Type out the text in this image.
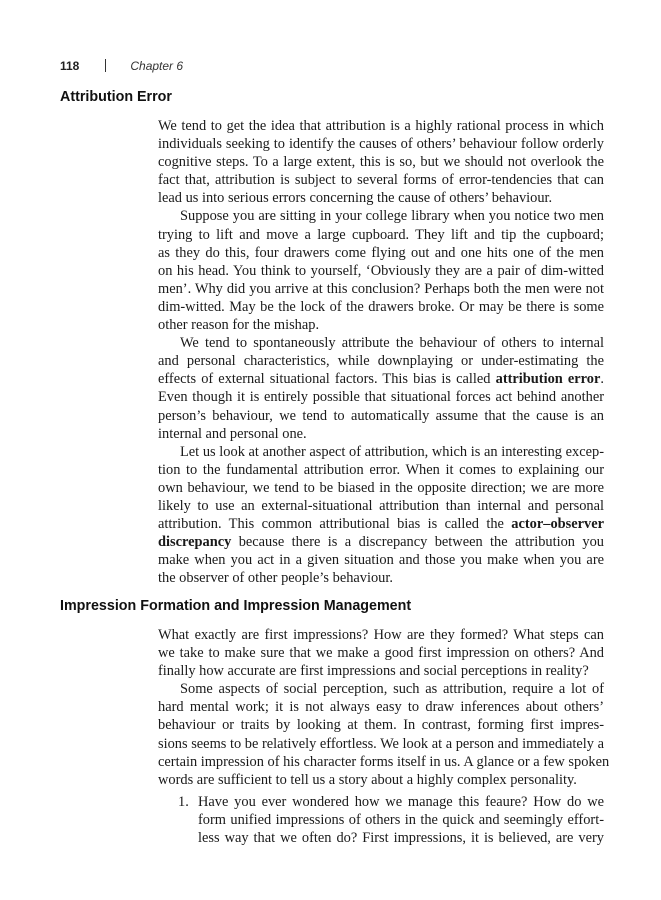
118	Chapter 6
Attribution Error
We tend to get the idea that attribution is a highly rational process in which
individuals seeking to identify the causes of others’ behaviour follow orderly
cognitive steps. To a large extent, this is so, but we should not overlook the
fact that, attribution is subject to several forms of error-tendencies that can
lead us into serious errors concerning the cause of others’ behaviour.
Suppose you are sitting in your college library when you notice two men
trying to lift and move a large cupboard. They lift and tip the cupboard;
as they do this, four drawers come flying out and one hits one of the men
on his head. You think to yourself, ‘Obviously they are a pair of dim-witted
men’. Why did you arrive at this conclusion? Perhaps both the men were not
dim-witted. May be the lock of the drawers broke. Or may be there is some
other reason for the mishap.
We tend to spontaneously attribute the behaviour of others to internal
and personal characteristics, while downplaying or under-estimating the
effects of external situational factors. This bias is called attribution error.
Even though it is entirely possible that situational forces act behind another
person’s behaviour, we tend to automatically assume that the cause is an
internal and personal one.
Let us look at another aspect of attribution, which is an interesting excep-
tion to the fundamental attribution error. When it comes to explaining our
own behaviour, we tend to be biased in the opposite direction; we are more
likely to use an external-situational attribution than internal and personal
attribution. This common attributional bias is called the actor–observer
discrepancy because there is a discrepancy between the attribution you
make when you act in a given situation and those you make when you are
the observer of other people’s behaviour.
Impression Formation and Impression Management
What exactly are first impressions? How are they formed? What steps can
we take to make sure that we make a good first impression on others? And
finally how accurate are first impressions and social perceptions in reality?
Some aspects of social perception, such as attribution, require a lot of
hard mental work; it is not always easy to draw inferences about others’
behaviour or traits by looking at them. In contrast, forming first impres-
sions seems to be relatively effortless. We look at a person and immediately a
certain impression of his character forms itself in us. A glance or a few spoken
words are sufficient to tell us a story about a highly complex personality.
1. Have you ever wondered how we manage this feaure? How do we
form unified impressions of others in the quick and seemingly effort-
less way that we often do? First impressions, it is believed, are very
